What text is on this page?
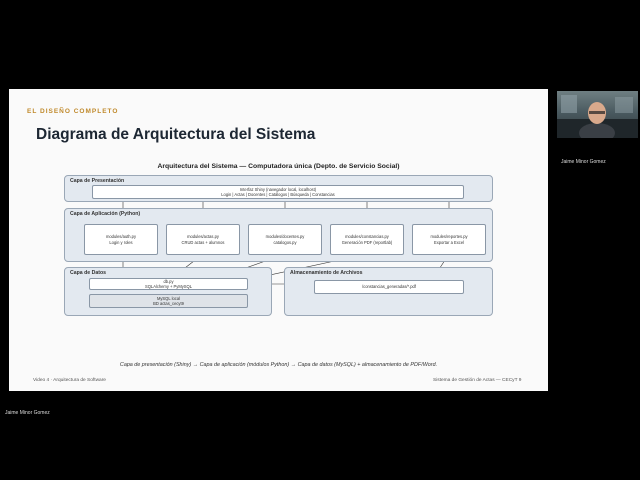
EL DISEÑO COMPLETO
Diagrama de Arquitectura del Sistema
Arquitectura del Sistema — Computadora única (Depto. de Servicio Social)
Capa de Presentación
Interfaz Shiny (navegador local, localhost)
Login | Actas | Docentes | Catálogos | Búsqueda | Constancias
Capa de Aplicación (Python)
modules/auth.py
Login y roles
modules/actas.py
CRUD actas + alumnos
modules/docentes.py
catalogos.py
modules/constancias.py
Generación PDF (reportlab)
modules/reportes.py
Exportar a Excel
Capa de Datos
db.py
SQLAlchemy + PyMySQL
MySQL local
BD actas_cecyt9
Almacenamiento de Archivos
/constancias_generadas/*.pdf
Capa de presentación (Shiny) → Capa de aplicación (módulos Python) → Capa de datos (MySQL) + almacenamiento de PDF/Word.
Video 4 · Arquitectura de Software	Sistema de Gestión de Actas — CECyT 9
Jaime Minor Gomez
Jaime Minor Gomez
